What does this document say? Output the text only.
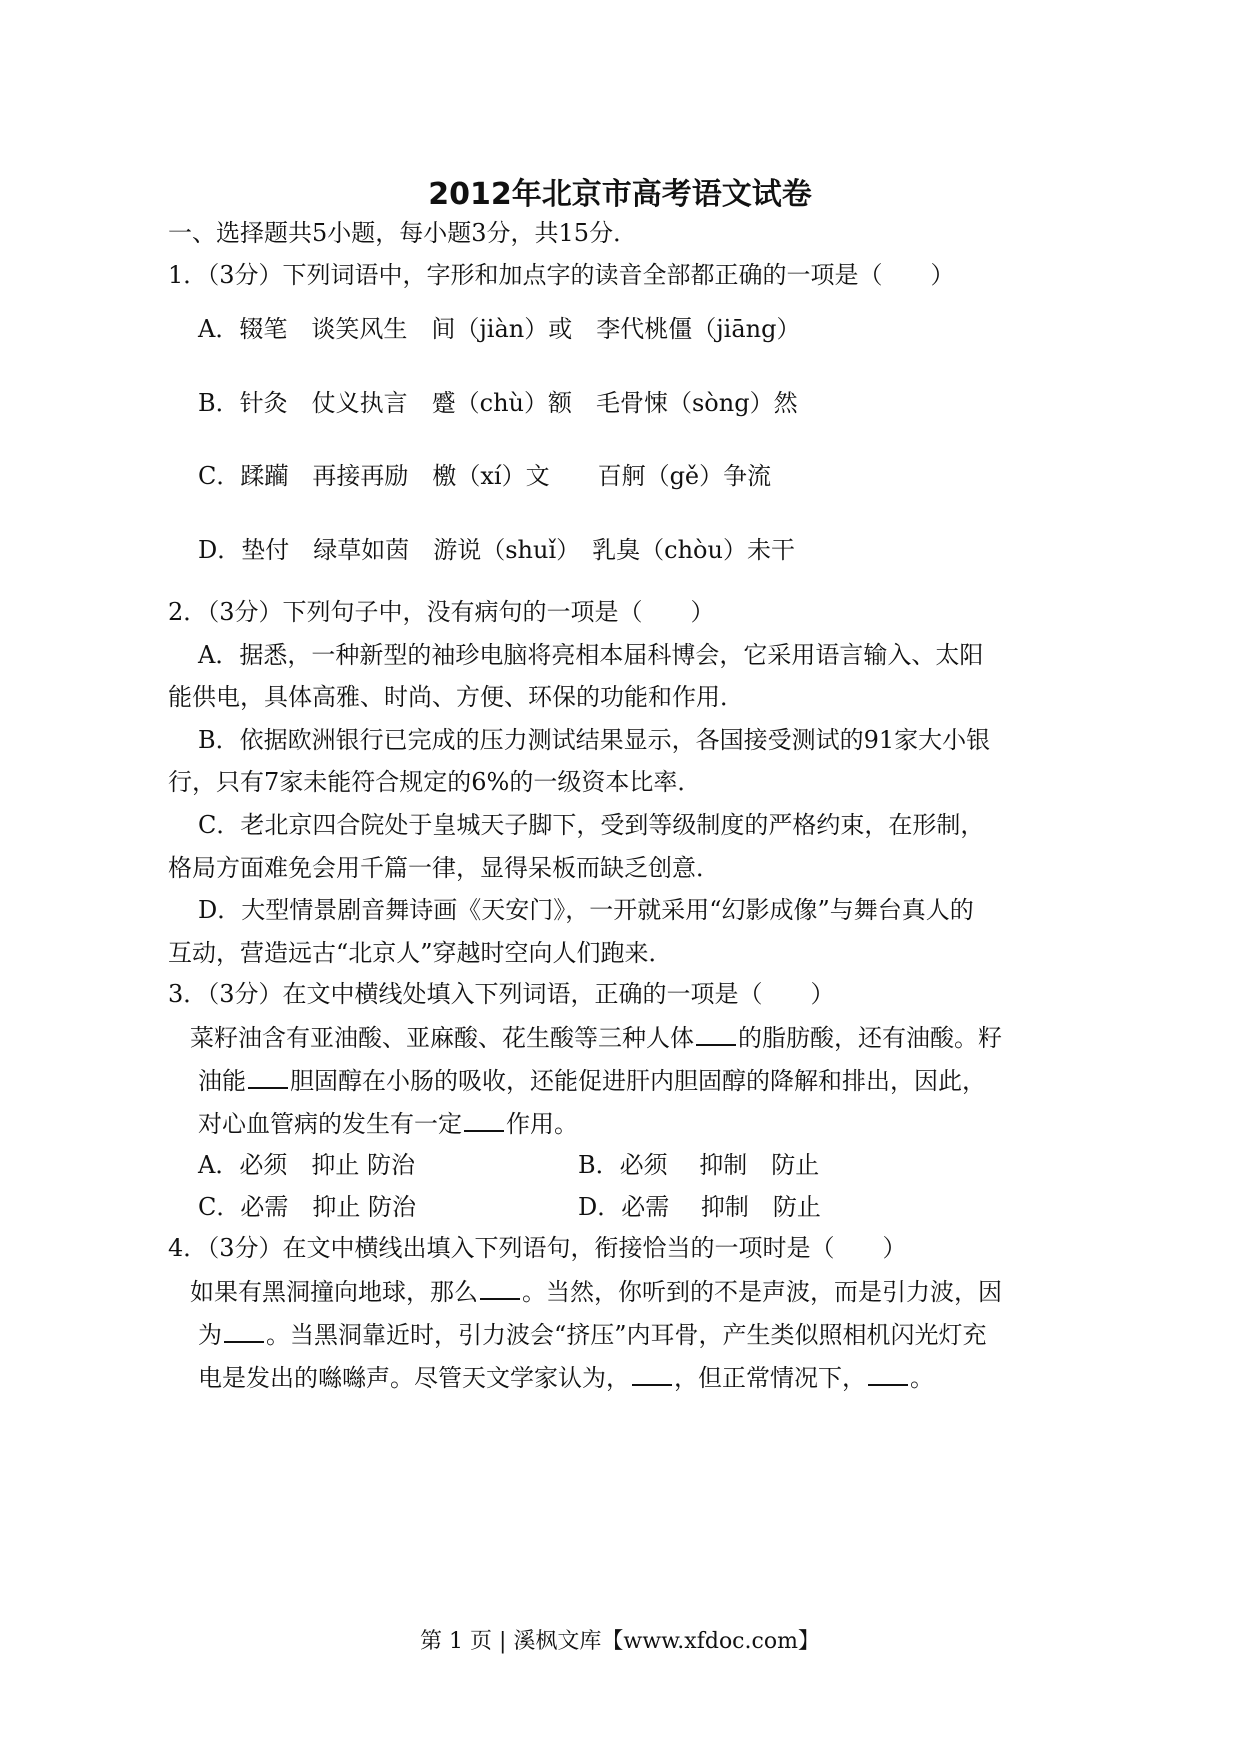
2012年北京市高考语文试卷
一、选择题共5小题，每小题3分，共15分．
1．（3分）下列词语中，字形和加点字的读音全部都正确的一项是（　　）
A．辍笔　谈笑风生　间（jiàn）或　李代桃僵（jiāng）
B．针灸　仗义执言　蹙（chù）额　毛骨悚（sòng）然
C．蹂躏　再接再励　檄（xí）文　　百舸（gě）争流
D．垫付　绿草如茵　游说（shuǐ）　乳臭（chòu）未干
2．（3分）下列句子中，没有病句的一项是（　　）
A．据悉，一种新型的袖珍电脑将亮相本届科博会，它采用语言输入、太阳
能供电，具体高雅、时尚、方便、环保的功能和作用．
B．依据欧洲银行已完成的压力测试结果显示，各国接受测试的91家大小银
行，只有7家未能符合规定的6%的一级资本比率．
C．老北京四合院处于皇城天子脚下，受到等级制度的严格约束，在形制，
格局方面难免会用千篇一律，显得呆板而缺乏创意．
D．大型情景剧音舞诗画《天安门》，一开就采用“幻影成像”与舞台真人的
互动，营造远古“北京人”穿越时空向人们跑来．
3．（3分）在文中横线处填入下列词语，正确的一项是（　　）
菜籽油含有亚油酸、亚麻酸、花生酸等三种人体 的脂肪酸，还有油酸。籽
油能 胆固醇在小肠的吸收，还能促进肝内胆固醇的降解和排出，因此，
对心血管病的发生有一定 作用。
A．必须　抑止 防治	B．必须　 抑制　防止
C．必需　抑止 防治	D．必需　 抑制　防止
4．（3分）在文中横线出填入下列语句，衔接恰当的一项时是（　　）
如果有黑洞撞向地球，那么 。当然，你听到的不是声波，而是引力波，因
为 。当黑洞靠近时，引力波会“挤压”内耳骨，产生类似照相机闪光灯充
电是发出的噝噝声。尽管天文学家认为， ，但正常情况下， 。
第 1 页 | 溪枫文库【www.xfdoc.com】
